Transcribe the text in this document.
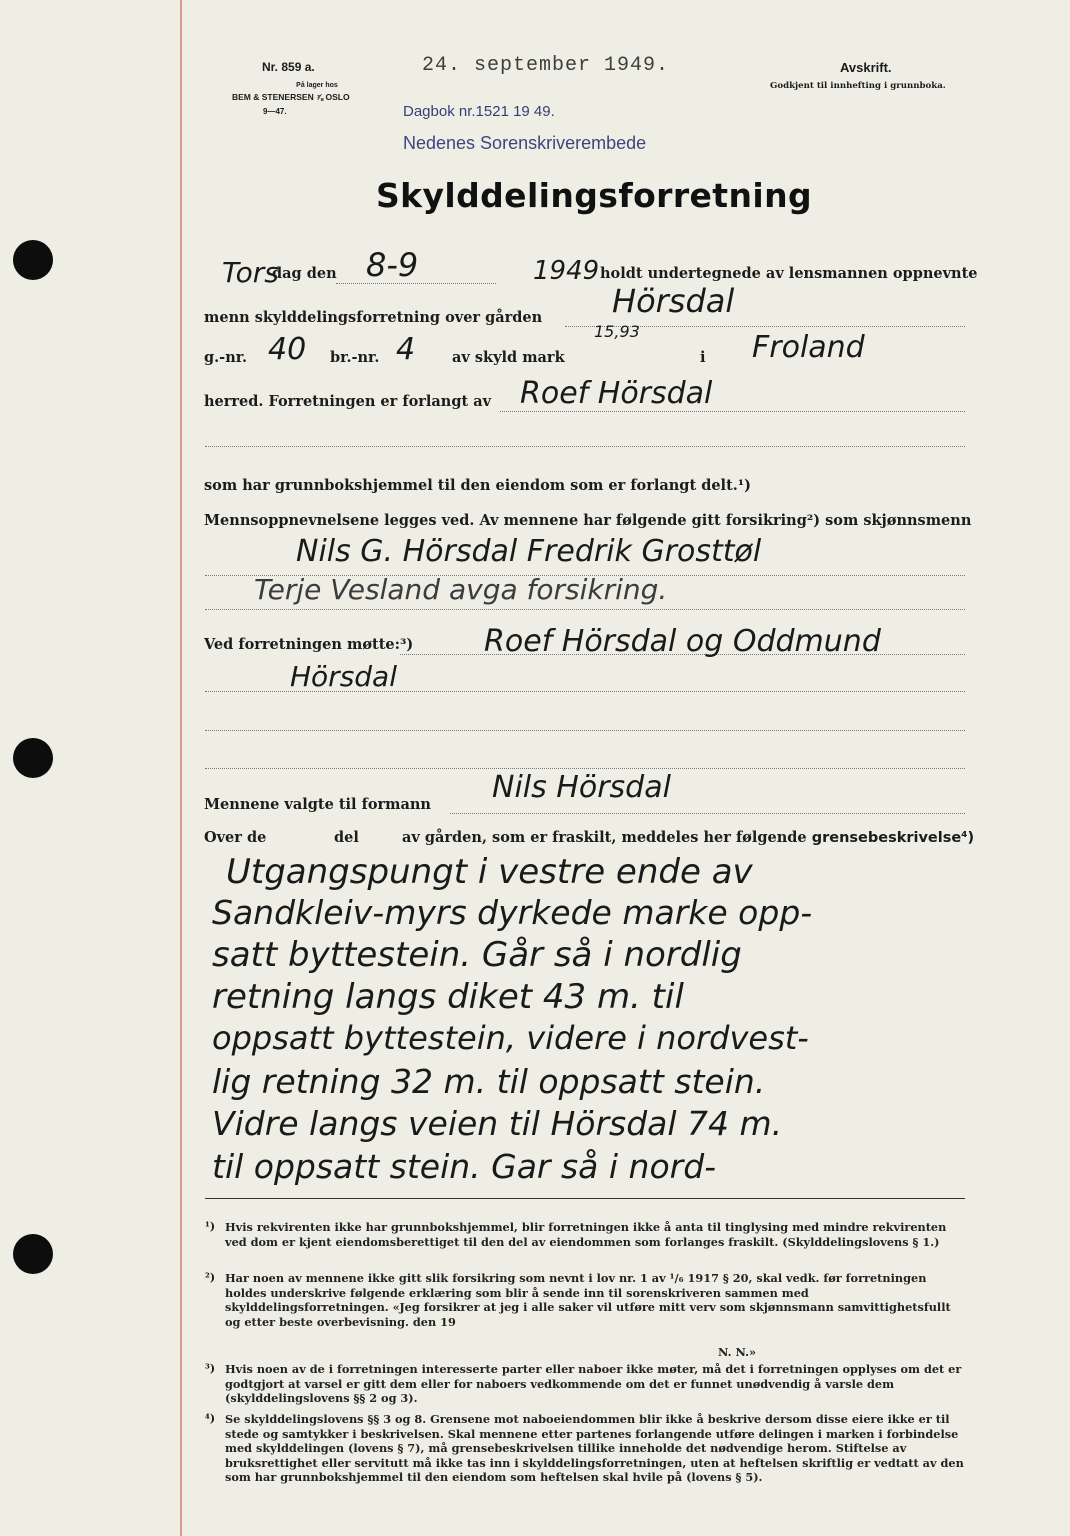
Nr. 859 a.
På lager hos
BEM & STENERSEN ⅞ OSLO
9—47.
24. september 1949.
Dagbok nr.1521 19 49.
Nedenes Sorenskriverembede
Avskrift.
Godkjent til innhefting i grunnboka.
Skylddelingsforretning
Tors
dag den 8-9	1949 holdt undertegnede av lensmannen oppnevnte
menn skylddelingsforretning over gården Hörsdal
g.-nr. 40 br.-nr. 4	av skyld mark
15,93
i Froland
herred. Forretningen er forlangt av Roef Hörsdal
som har grunnbokshjemmel til den eiendom som er forlangt delt.¹)
Mennsoppnevnelsene legges ved. Av mennene har følgende gitt forsikring²) som skjønnsmenn
Nils G. Hörsdal Fredrik Grosttøl
Terje Vesland avga forsikring.
Ved forretningen møtte:³) Roef Hörsdal og Oddmund
Hörsdal
Mennene valgte til formann Nils Hörsdal
Over de	del	av gården, som er fraskilt, meddeles her følgende grensebeskrivelse⁴)
Utgangspungt i vestre ende av
Sandkleiv-myrs dyrkede marke opp-
satt byttestein. Går så i nordlig
retning langs diket 43 m. til
oppsatt byttestein, videre i nordvest-
lig retning 32 m. til oppsatt stein.
Vidre langs veien til Hörsdal 74 m.
til oppsatt stein. Gar så i nord-
¹) Hvis rekvirenten ikke har grunnbokshjemmel, blir forretningen ikke å anta til tinglysing med mindre rekvirenten ved dom er kjent eiendomsberettiget til den del av eiendommen som forlanges fraskilt. (Skylddelingslovens § 1.)
²) Har noen av mennene ikke gitt slik forsikring som nevnt i lov nr. 1 av ¹/₆ 1917 § 20, skal vedk. før forretningen holdes underskrive følgende erklæring som blir å sende inn til sorenskriveren sammen med skylddelingsforretningen. «Jeg forsikrer at jeg i alle saker vil utføre mitt verv som skjønnsmann samvittighetsfullt og etter beste overbevisning. den 19
N. N.»
³) Hvis noen av de i forretningen interesserte parter eller naboer ikke møter, må det i forretningen opplyses om det er godtgjort at varsel er gitt dem eller for naboers vedkommende om det er funnet unødvendig å varsle dem (skylddelingslovens §§ 2 og 3).
⁴) Se skylddelingslovens §§ 3 og 8. Grensene mot naboeiendommen blir ikke å beskrive dersom disse eiere ikke er til stede og samtykker i beskrivelsen. Skal mennene etter partenes forlangende utføre delingen i marken i forbindelse med skylddelingen (lovens § 7), må grensebeskrivelsen tillike inneholde det nødvendige herom. Stiftelse av bruksrettighet eller servitutt må ikke tas inn i skylddelingsforretningen, uten at heftelsen skriftlig er vedtatt av den som har grunnbokshjemmel til den eiendom som heftelsen skal hvile på (lovens § 5).
